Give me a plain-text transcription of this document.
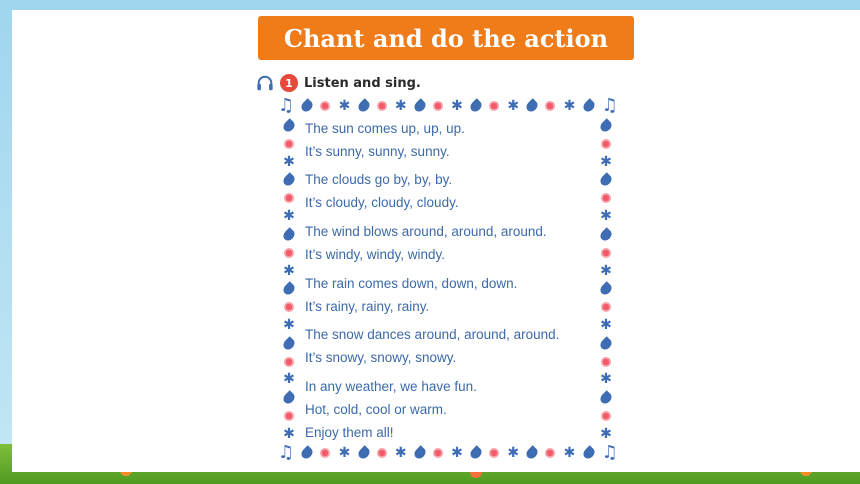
Chant and do the action
1 Listen and sing.
♫	✱	✱	✱	✱	✱ ♫
♫	✱	✱	✱	✱	✱ ♫
✱
✱
✱
✱
✱
✱
✱
✱
✱
✱
✱
✱
The sun comes up, up, up.
It’s sunny, sunny, sunny.
The clouds go by, by, by.
It’s cloudy, cloudy, cloudy.
The wind blows around, around, around.
It’s windy, windy, windy.
The rain comes down, down, down.
It’s rainy, rainy, rainy.
The snow dances around, around, around.
It’s snowy, snowy, snowy.
In any weather, we have fun.
Hot, cold, cool or warm.
Enjoy them all!
